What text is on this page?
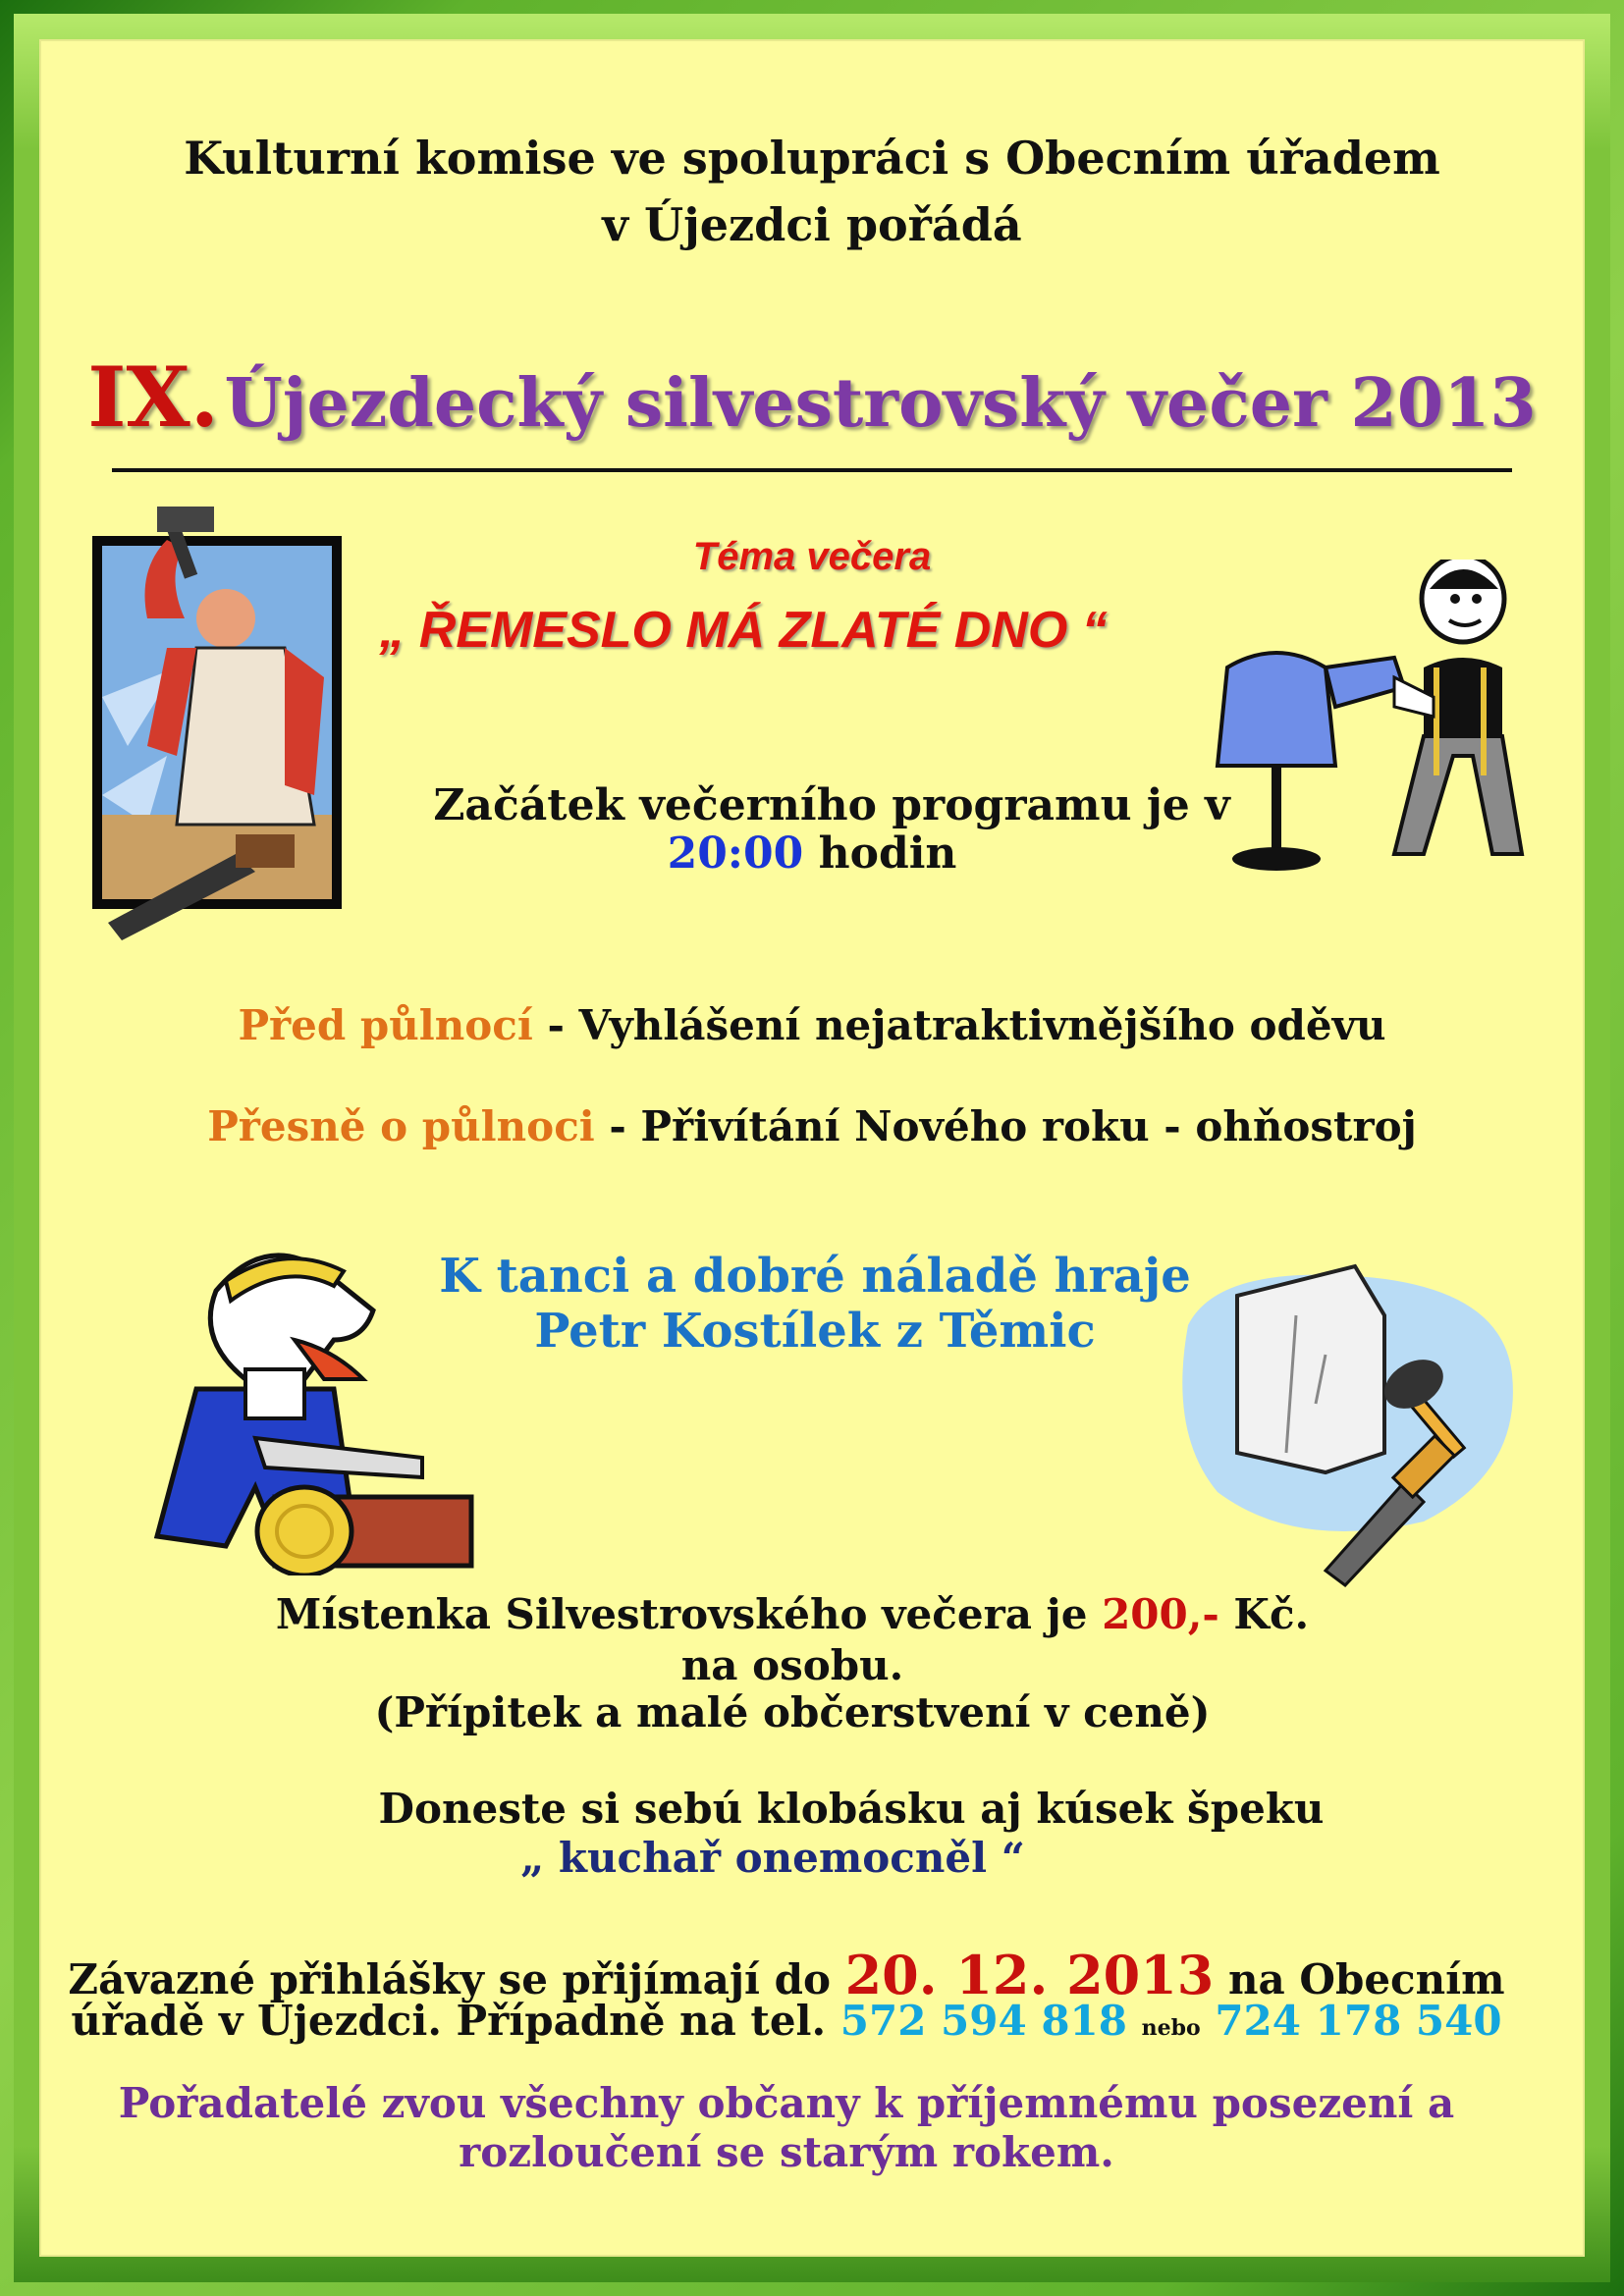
Kulturní komise ve spolupráci s Obecním úřadem
v Újezdci pořádá
IX. Újezdecký silvestrovský večer 2013
Téma večera
„ ŘEMESLO MÁ ZLATÉ DNO “
Začátek večerního programu je v
20:00 hodin
Před půlnocí - Vyhlášení nejatraktivnějšího oděvu
Přesně o půlnoci - Přivítání Nového roku - ohňostroj
K tanci a dobré náladě hraje
Petr Kostílek z Těmic
Místenka Silvestrovského večera je 200,- Kč.
na osobu.
(Přípitek a malé občerstvení v ceně)
Doneste si sebú klobásku aj kúsek špeku
„ kuchař onemocněl “
Závazné přihlášky se přijímají do 20. 12. 2013 na Obecním
úřadě v Újezdci. Případně na tel. 572 594 818 nebo 724 178 540
Pořadatelé zvou všechny občany k příjemnému posezení a
rozloučení se starým rokem.
